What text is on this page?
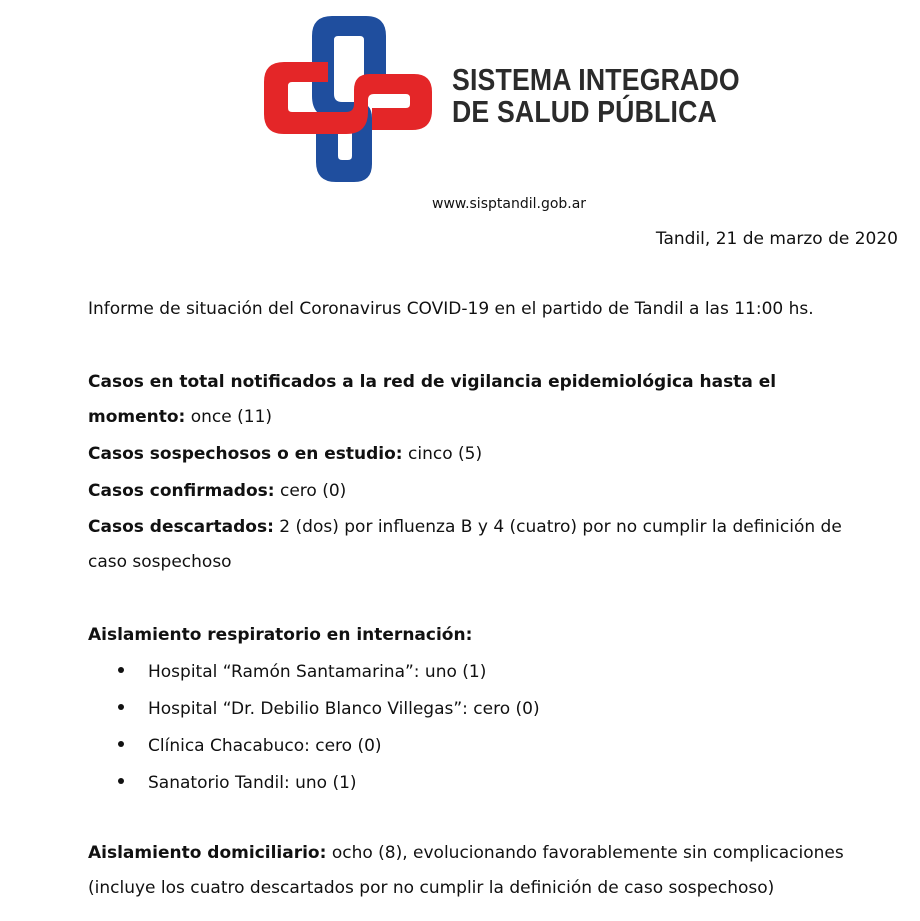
SISTEMA INTEGRADO
DE SALUD PÚBLICA
www.sisptandil.gob.ar
Tandil, 21 de marzo de 2020
Informe de situación del Coronavirus COVID-19 en el partido de Tandil a las 11:00 hs.
Casos en total notificados a la red de vigilancia epidemiológica hasta el
momento: once (11)
Casos sospechosos o en estudio: cinco (5)
Casos confirmados: cero (0)
Casos descartados: 2 (dos) por influenza B y 4 (cuatro) por no cumplir la definición de
caso sospechoso
Aislamiento respiratorio en internación:
Hospital “Ramón Santamarina”: uno (1)
Hospital “Dr. Debilio Blanco Villegas”: cero (0)
Clínica Chacabuco: cero (0)
Sanatorio Tandil: uno (1)
Aislamiento domiciliario: ocho (8), evolucionando favorablemente sin complicaciones
(incluye los cuatro descartados por no cumplir la definición de caso sospechoso)
